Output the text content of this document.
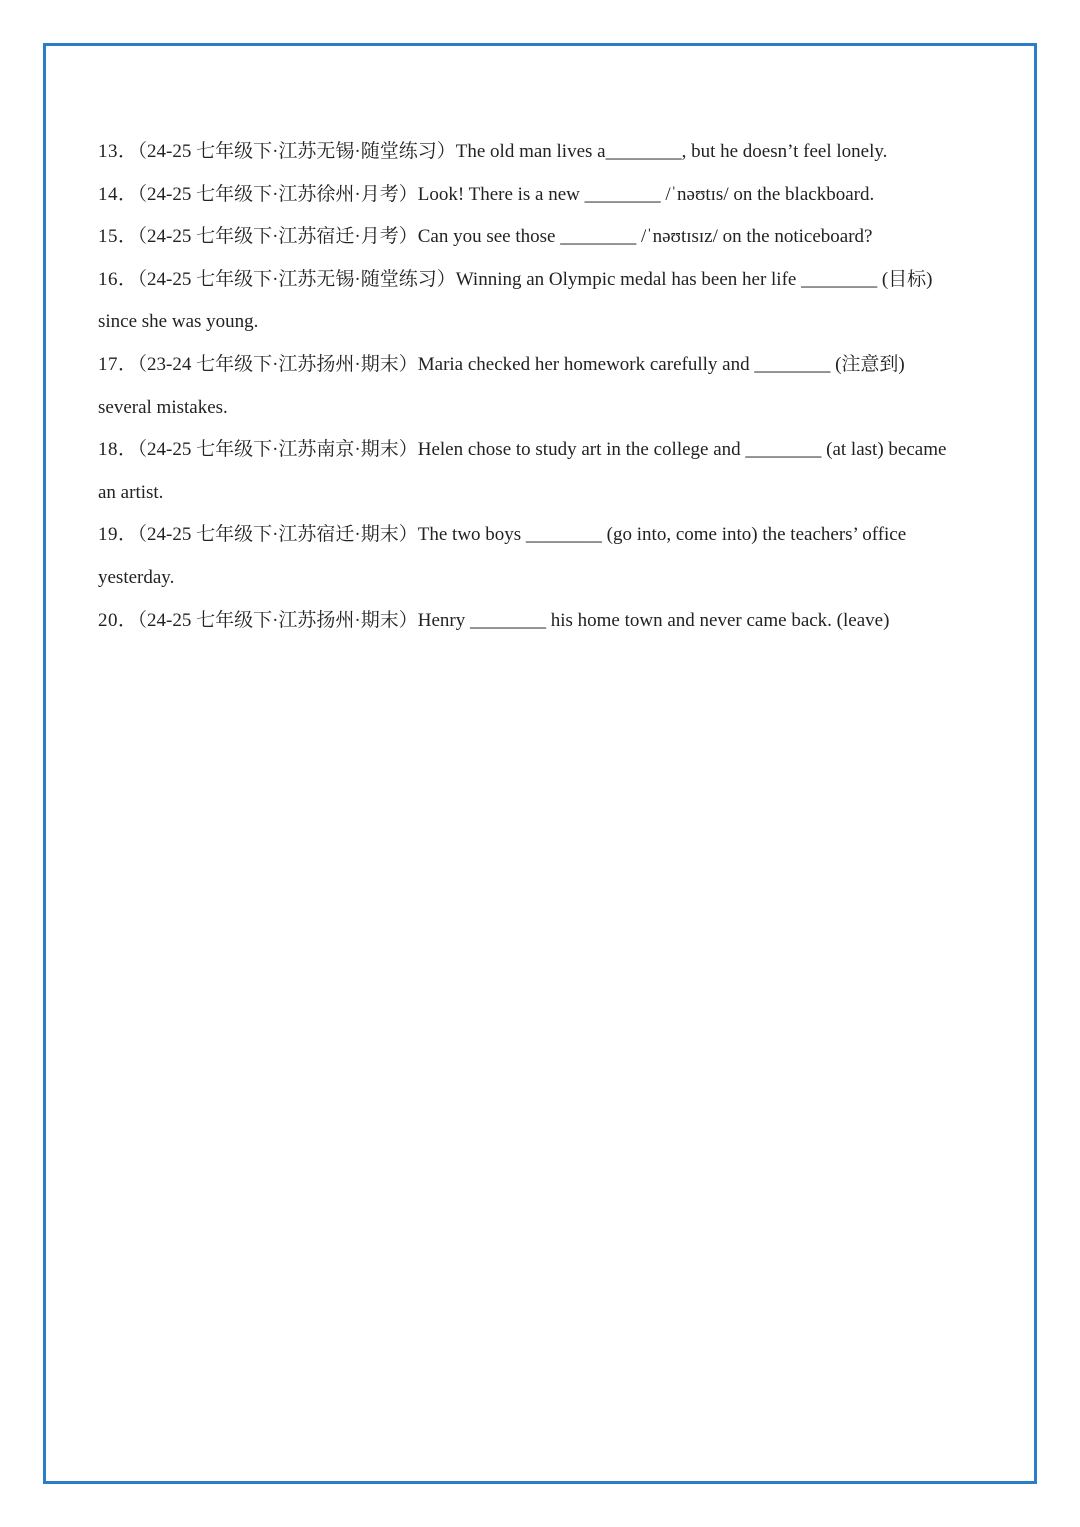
13．（24-25 七年级下·江苏无锡·随堂练习）The old man lives a________, but he doesn’t feel lonely.
14．（24-25 七年级下·江苏徐州·月考）Look! There is a new ________ /ˈnəʊtɪs/ on the blackboard.
15．（24-25 七年级下·江苏宿迁·月考）Can you see those ________ /ˈnəʊtɪsɪz/ on the noticeboard?
16．（24-25 七年级下·江苏无锡·随堂练习）Winning an Olympic medal has been her life ________ (目标)
since she was young.
17．（23-24 七年级下·江苏扬州·期末）Maria checked her homework carefully and ________ (注意到)
several mistakes.
18．（24-25 七年级下·江苏南京·期末）Helen chose to study art in the college and ________ (at last) became
an artist.
19．（24-25 七年级下·江苏宿迁·期末）The two boys ________ (go into, come into) the teachers’ office
yesterday.
20．（24-25 七年级下·江苏扬州·期末）Henry ________ his home town and never came back. (leave)
